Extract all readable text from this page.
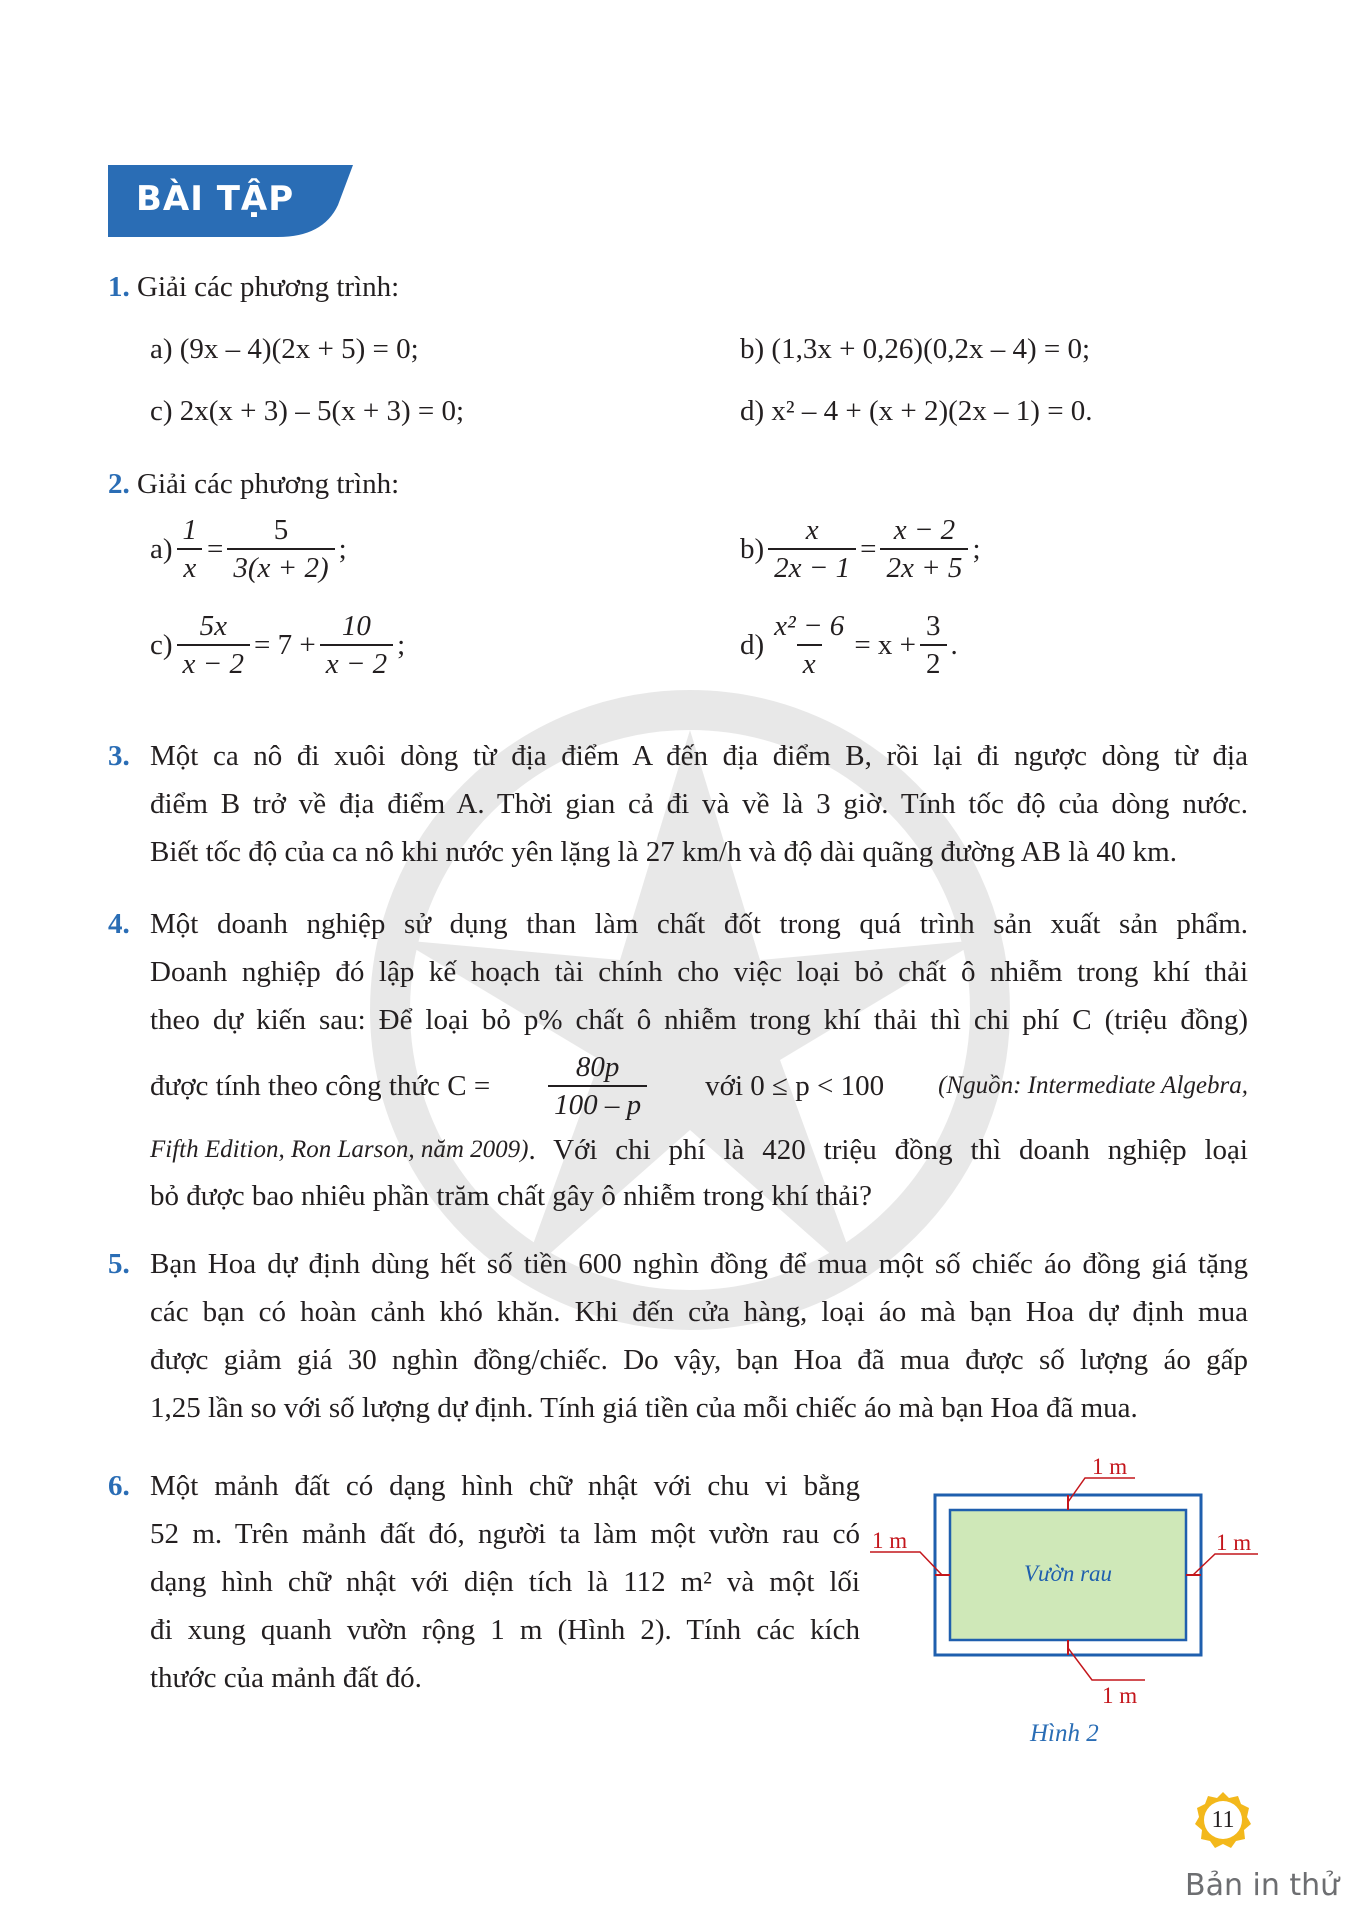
BÀI TẬP
1. Giải các phương trình:
a) (9x – 4)(2x + 5) = 0;	b) (1,3x + 0,26)(0,2x – 4) = 0;
c) 2x(x + 3) – 5(x + 3) = 0;	d) x² – 4 + (x + 2)(2x – 1) = 0.
2. Giải các phương trình:
$a) \frac{1}{x} = \frac{5}{3(x + 2)}$ ;	$b) \frac{x}{2x - 1} = \frac{x - 2}{2x + 5}$ ;
$c) \frac{5x}{x - 2} = 7 + \frac{10}{x - 2}$ ;	$d) \frac{\text{x² − 6}}{x} = x + \frac{3}{2}$ .
3. Một ca nô đi xuôi dòng từ địa điểm A đến địa điểm B, rồi lại đi ngược dòng từ địa
điểm B trở về địa điểm A. Thời gian cả đi và về là 3 giờ. Tính tốc độ của dòng nước.
Biết tốc độ của ca nô khi nước yên lặng là 27 km/h và độ dài quãng đường AB là 40 km.
4. Một doanh nghiệp sử dụng than làm chất đốt trong quá trình sản xuất sản phẩm.
Doanh nghiệp đó lập kế hoạch tài chính cho việc loại bỏ chất ô nhiễm trong khí thải
theo dự kiến sau: Để loại bỏ p% chất ô nhiễm trong khí thải thì chi phí C (triệu đồng)
được tính theo công thức $C = \frac{80p}{100 - p}$ với 0 ≤ p < 100 (Nguồn: Intermediate Algebra,
Fifth Edition, Ron Larson, năm 2009) . Với chi phí là 420 triệu đồng thì doanh nghiệp loại
bỏ được bao nhiêu phần trăm chất gây ô nhiễm trong khí thải?
5. Bạn Hoa dự định dùng hết số tiền 600 nghìn đồng để mua một số chiếc áo đồng giá tặng
các bạn có hoàn cảnh khó khăn. Khi đến cửa hàng, loại áo mà bạn Hoa dự định mua
được giảm giá 30 nghìn đồng/chiếc. Do vậy, bạn Hoa đã mua được số lượng áo gấp
1,25 lần so với số lượng dự định. Tính giá tiền của mỗi chiếc áo mà bạn Hoa đã mua.
6. Một mảnh đất có dạng hình chữ nhật với chu vi bằng
52 m. Trên mảnh đất đó, người ta làm một vườn rau có
dạng hình chữ nhật với diện tích là 112 m² và một lối
đi xung quanh vườn rộng 1 m (Hình 2). Tính các kích
thước của mảnh đất đó.
Vườn rau
1 m
1 m	1 m
1 m
Hình 2
11
Bản in thử
